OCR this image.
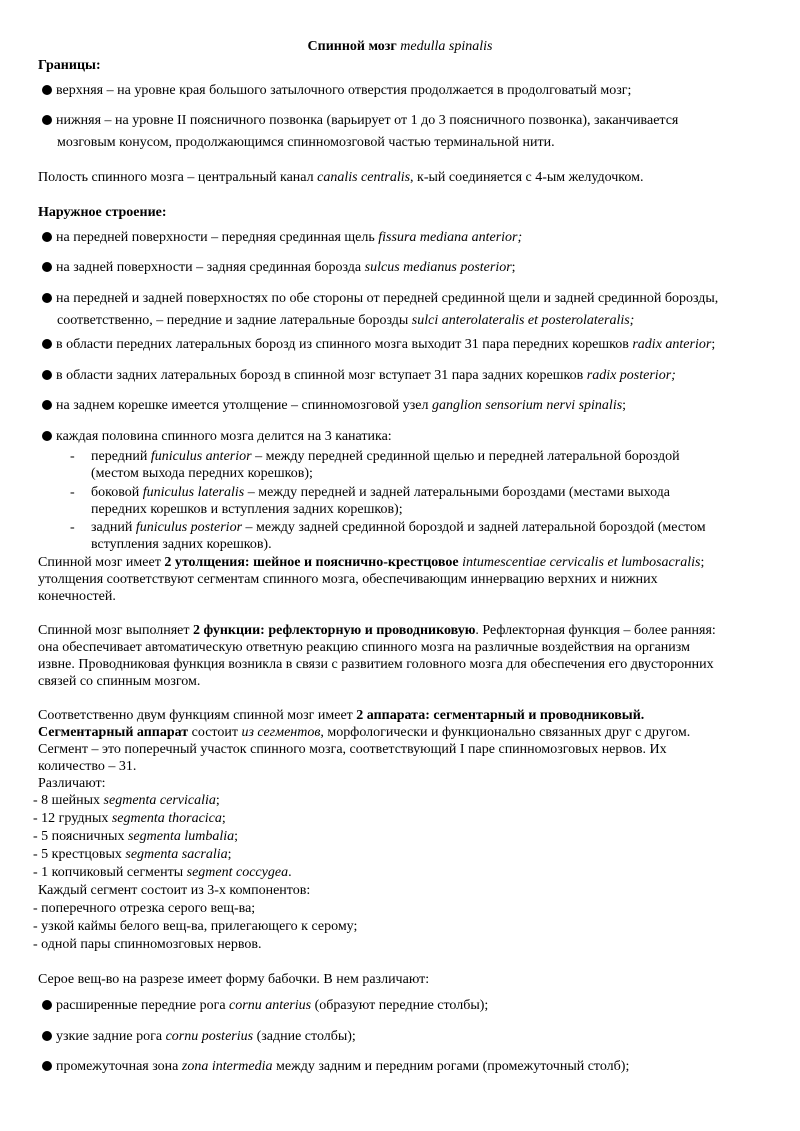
Спинной мозг medulla spinalis
Границы:
верхняя – на уровне края большого затылочного отверстия продолжается в продолговатый мозг;
нижняя – на уровне II поясничного позвонка (варьирует от 1 до 3 поясничного позвонка), заканчивается
мозговым конусом, продолжающимся спинномозговой частью терминальной нити.
Полость спинного мозга – центральный канал canalis centralis, к-ый соединяется с 4-ым желудочком.
Наружное строение:
на передней поверхности – передняя срединная щель fissura mediana anterior;
на задней поверхности – задняя срединная борозда sulcus medianus posterior;
на передней и задней поверхностях по обе стороны от передней срединной щели и задней срединной борозды,
соответственно, – передние и задние латеральные борозды sulci anterolateralis et posterolateralis;
в области передних латеральных борозд из спинного мозга выходит 31 пара передних корешков radix anterior;
в области задних латеральных борозд в спинной мозг вступает 31 пара задних корешков radix posterior;
на заднем корешке имеется утолщение – спинномозговой узел ganglion sensorium nervi spinalis;
каждая половина спинного мозга делится на 3 канатика:
- передний funiculus anterior – между передней срединной щелью и передней латеральной бороздой
(местом выхода передних корешков);
- боковой funiculus lateralis – между передней и задней латеральными бороздами (местами выхода
передних корешков и вступления задних корешков);
- задний funiculus posterior – между задней срединной бороздой и задней латеральной бороздой (местом
вступления задних корешков).
Спинной мозг имеет 2 утолщения: шейное и пояснично-крестцовое intumescentiae cervicalis et lumbosacralis;
утолщения соответствуют сегментам спинного мозга, обеспечивающим иннервацию верхних и нижних
конечностей.
Спинной мозг выполняет 2 функции: рефлекторную и проводниковую. Рефлекторная функция – более ранняя:
она обеспечивает автоматическую ответную реакцию спинного мозга на различные воздействия на организм
извне. Проводниковая функция возникла в связи с развитием головного мозга для обеспечения его двусторонних
связей со спинным мозгом.
Соответственно двум функциям спинной мозг имеет 2 аппарата: сегментарный и проводниковый.
Сегментарный аппарат состоит из сегментов, морфологически и функционально связанных друг с другом.
Сегмент – это поперечный участок спинного мозга, соответствующий I паре спинномозговых нервов. Их
количество – 31.
Различают:
- 8 шейных segmenta cervicalia;
- 12 грудных segmenta thoracica;
- 5 поясничных segmenta lumbalia;
- 5 крестцовых segmenta sacralia;
- 1 копчиковый сегменты segment coccygea.
Каждый сегмент состоит из 3-х компонентов:
- поперечного отрезка серого вещ-ва;
- узкой каймы белого вещ-ва, прилегающего к серому;
- одной пары спинномозговых нервов.
Серое вещ-во на разрезе имеет форму бабочки. В нем различают:
расширенные передние рога cornu anterius (образуют передние столбы);
узкие задние рога cornu posterius (задние столбы);
промежуточная зона zona intermedia между задним и передним рогами (промежуточный столб);
